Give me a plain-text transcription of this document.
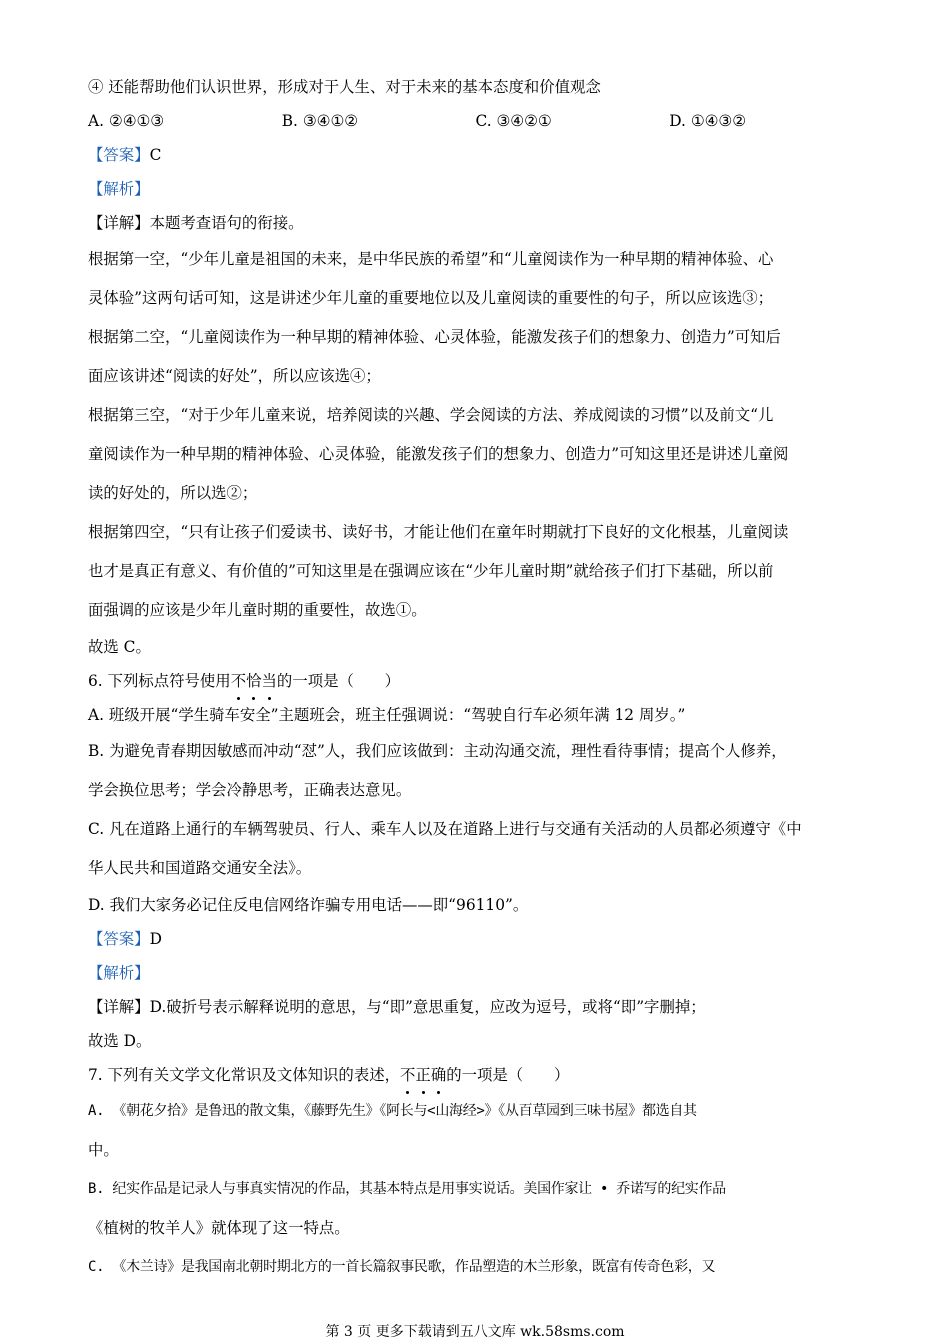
④ 还能帮助他们认识世界，形成对于人生、对于未来的基本态度和价值观念
A. ②④①③	B. ③④①②	C. ③④②①	D. ①④③②
【答案】C
【解析】
【详解】本题考查语句的衔接。
根据第一空，“少年儿童是祖国的未来，是中华民族的希望”和“儿童阅读作为一种早期的精神体验、心
灵体验”这两句话可知，这是讲述少年儿童的重要地位以及儿童阅读的重要性的句子，所以应该选③；
根据第二空，“儿童阅读作为一种早期的精神体验、心灵体验，能激发孩子们的想象力、创造力”可知后
面应该讲述“阅读的好处”，所以应该选④；
根据第三空，“对于少年儿童来说，培养阅读的兴趣、学会阅读的方法、养成阅读的习惯”以及前文“儿
童阅读作为一种早期的精神体验、心灵体验，能激发孩子们的想象力、创造力”可知这里还是讲述儿童阅
读的好处的，所以选②；
根据第四空，“只有让孩子们爱读书、读好书，才能让他们在童年时期就打下良好的文化根基，儿童阅读
也才是真正有意义、有价值的”可知这里是在强调应该在“少年儿童时期”就给孩子们打下基础，所以前
面强调的应该是少年儿童时期的重要性，故选①。
故选 C。
6. 下列标点符号使用不恰当的一项是（　　）
A. 班级开展“学生骑车安全”主题班会，班主任强调说：“驾驶自行车必须年满 12 周岁。”
B. 为避免青春期因敏感而冲动“怼”人，我们应该做到：主动沟通交流，理性看待事情；提高个人修养，
学会换位思考；学会冷静思考，正确表达意见。
C. 凡在道路上通行的车辆驾驶员、行人、乘车人以及在道路上进行与交通有关活动的人员都必须遵守《中
华人民共和国道路交通安全法》。
D. 我们大家务必记住反电信网络诈骗专用电话——即“96110”。
【答案】D
【解析】
【详解】D.破折号表示解释说明的意思，与“即”意思重复，应改为逗号，或将“即”字删掉；
故选 D。
7. 下列有关文学文化常识及文体知识的表述，不正确的一项是（　　）
A. 《朝花夕拾》是鲁迅的散文集，《藤野先生》《阿长与<山海经>》《从百草园到三味书屋》都选自其
中。
B. 纪实作品是记录人与事真实情况的作品，其基本特点是用事实说话。美国作家让 • 乔诺写的纪实作品
《植树的牧羊人》就体现了这一特点。
C. 《木兰诗》是我国南北朝时期北方的一首长篇叙事民歌，作品塑造的木兰形象，既富有传奇色彩，又
第 3 页 更多下载请到五八文库 wk.58sms.com
